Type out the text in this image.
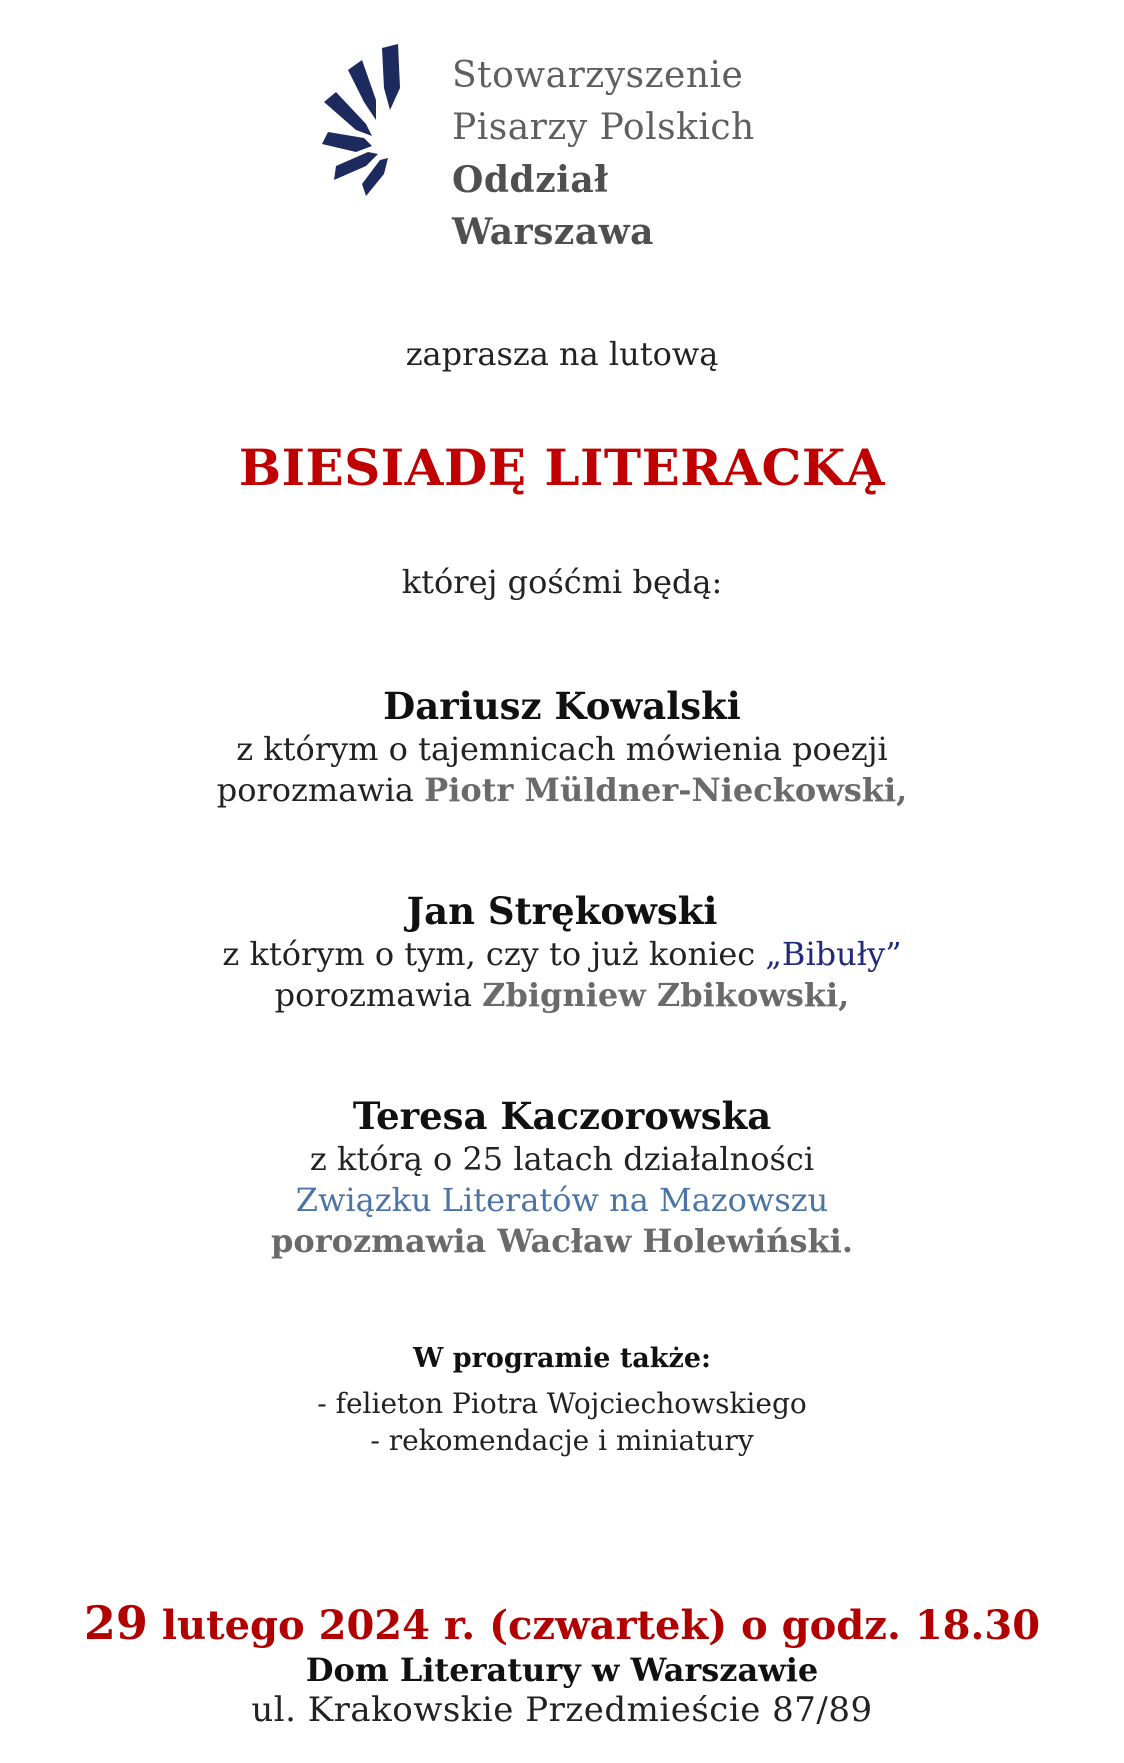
Stowarzyszenie
Pisarzy Polskich
Oddział Warszawa
zaprasza na lutową
BIESIADĘ LITERACKĄ
której gośćmi będą:
Dariusz Kowalski
z którym o tajemnicach mówienia poezji
porozmawia Piotr Müldner-Nieckowski,
Jan Strękowski
z którym o tym, czy to już koniec „Bibuły”
porozmawia Zbigniew Zbikowski,
Teresa Kaczorowska
z którą o 25 latach działalności
Związku Literatów na Mazowszu
porozmawia Wacław Holewiński.
W programie także:
- felieton Piotra Wojciechowskiego
- rekomendacje i miniatury
29 lutego 2024 r. (czwartek) o godz. 18.30
Dom Literatury w Warszawie
ul. Krakowskie Przedmieście 87/89
